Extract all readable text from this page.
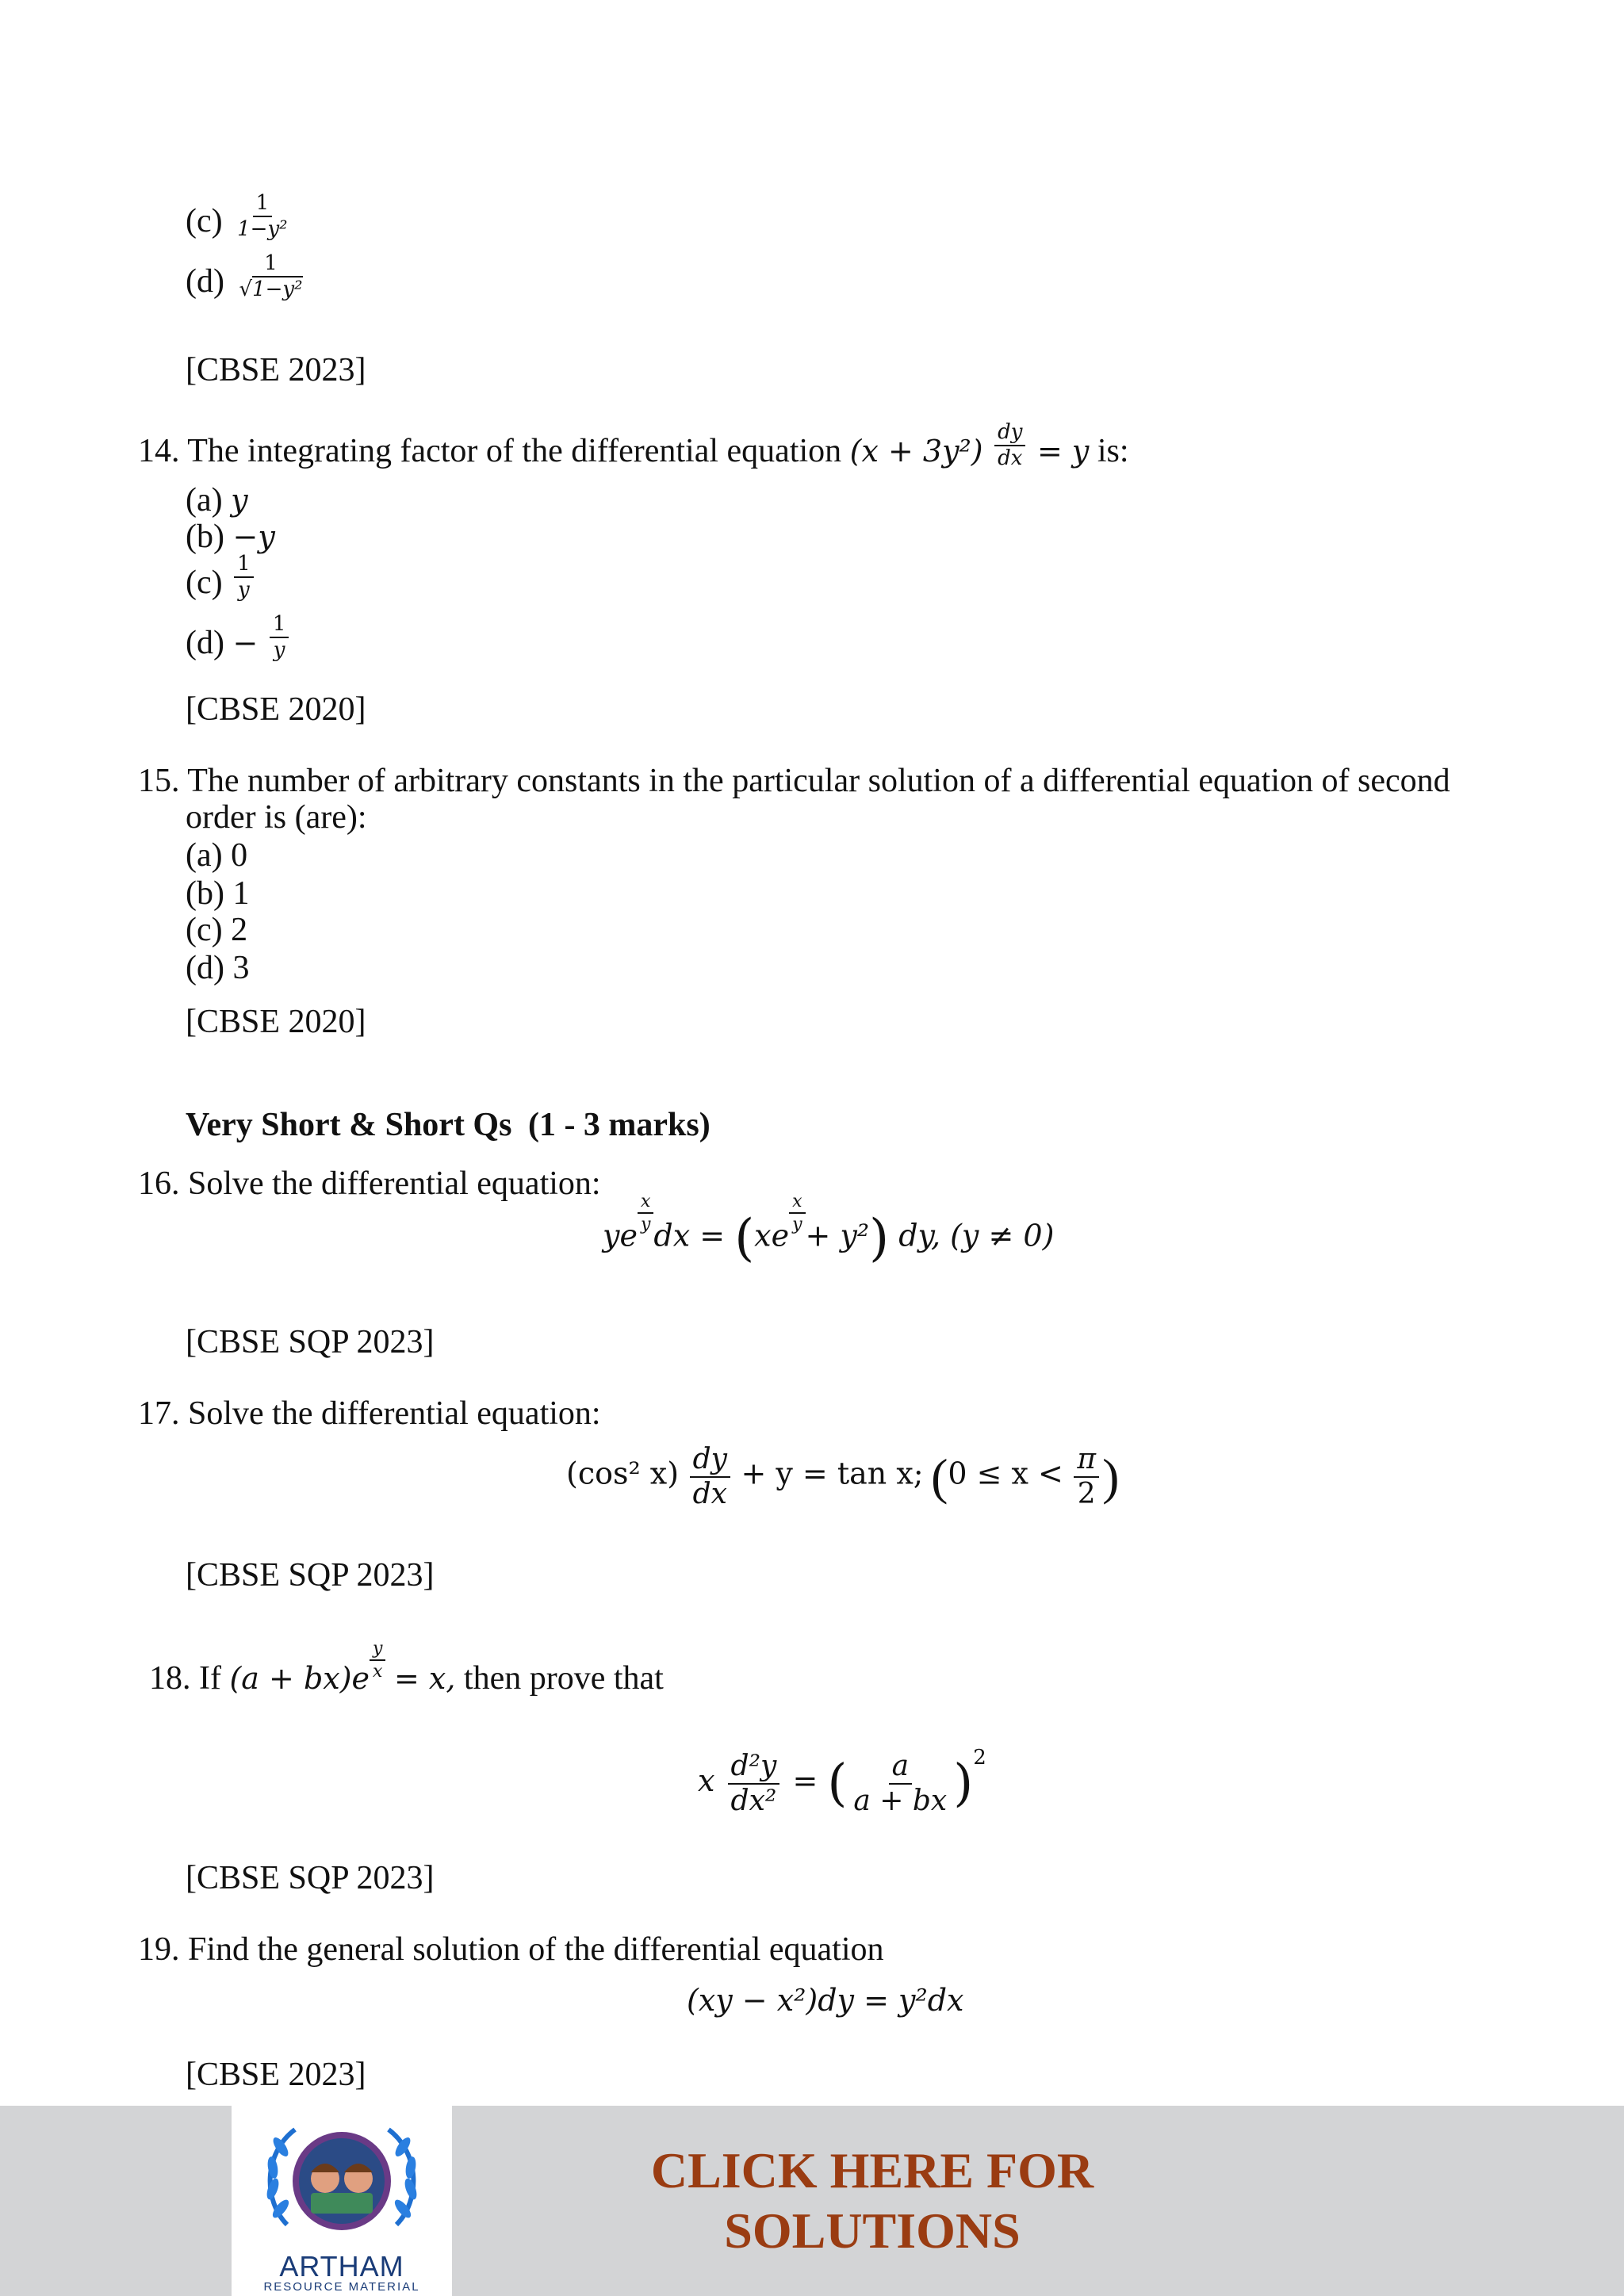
$(c) \frac{1}{\text{1−y²}}$
$(d) \frac{1}{\text{√1−y²}}$
[CBSE 2023]
14. The integrating factor of the differential equation $(x + 3y^2) \frac{dy}{dx} = y$ is:
(a) y
(b) −y
$(c) \frac{1}{y}$
$(d) - \frac{1}{y}$
[CBSE 2020]
15. The number of arbitrary constants in the particular solution of a differential equation of second
order is (are):
(a) 0
(b) 1
(c) 2
(d) 3
[CBSE 2020]
Very Short & Short Qs (1 - 3 marks)
16. Solve the differential equation:
ye
$\frac{x}{y}$
dx = (xe
$\frac{x}{y}$
+ y²) dy, (y ≠ 0)
[CBSE SQP 2023]
17. Solve the differential equation:
(cos² $x) \frac{dy}{dx} + y = \tan x$; ($0 \le x < \frac{\pi}{2}$ )
[CBSE SQP 2023]
18. If $(a + bx)e \frac{y}{x} = x$, then prove that
x $\frac{\text{d²y}}{\text{dx²}}$ = ( $\frac{a}{a + bx} )^2$
[CBSE SQP 2023]
19. Find the general solution of the differential equation
(xy − x²)dy = y²dx
[CBSE 2023]
ARTHAM
RESOURCE MATERIAL
CLICK HERE FOR
SOLUTIONS
